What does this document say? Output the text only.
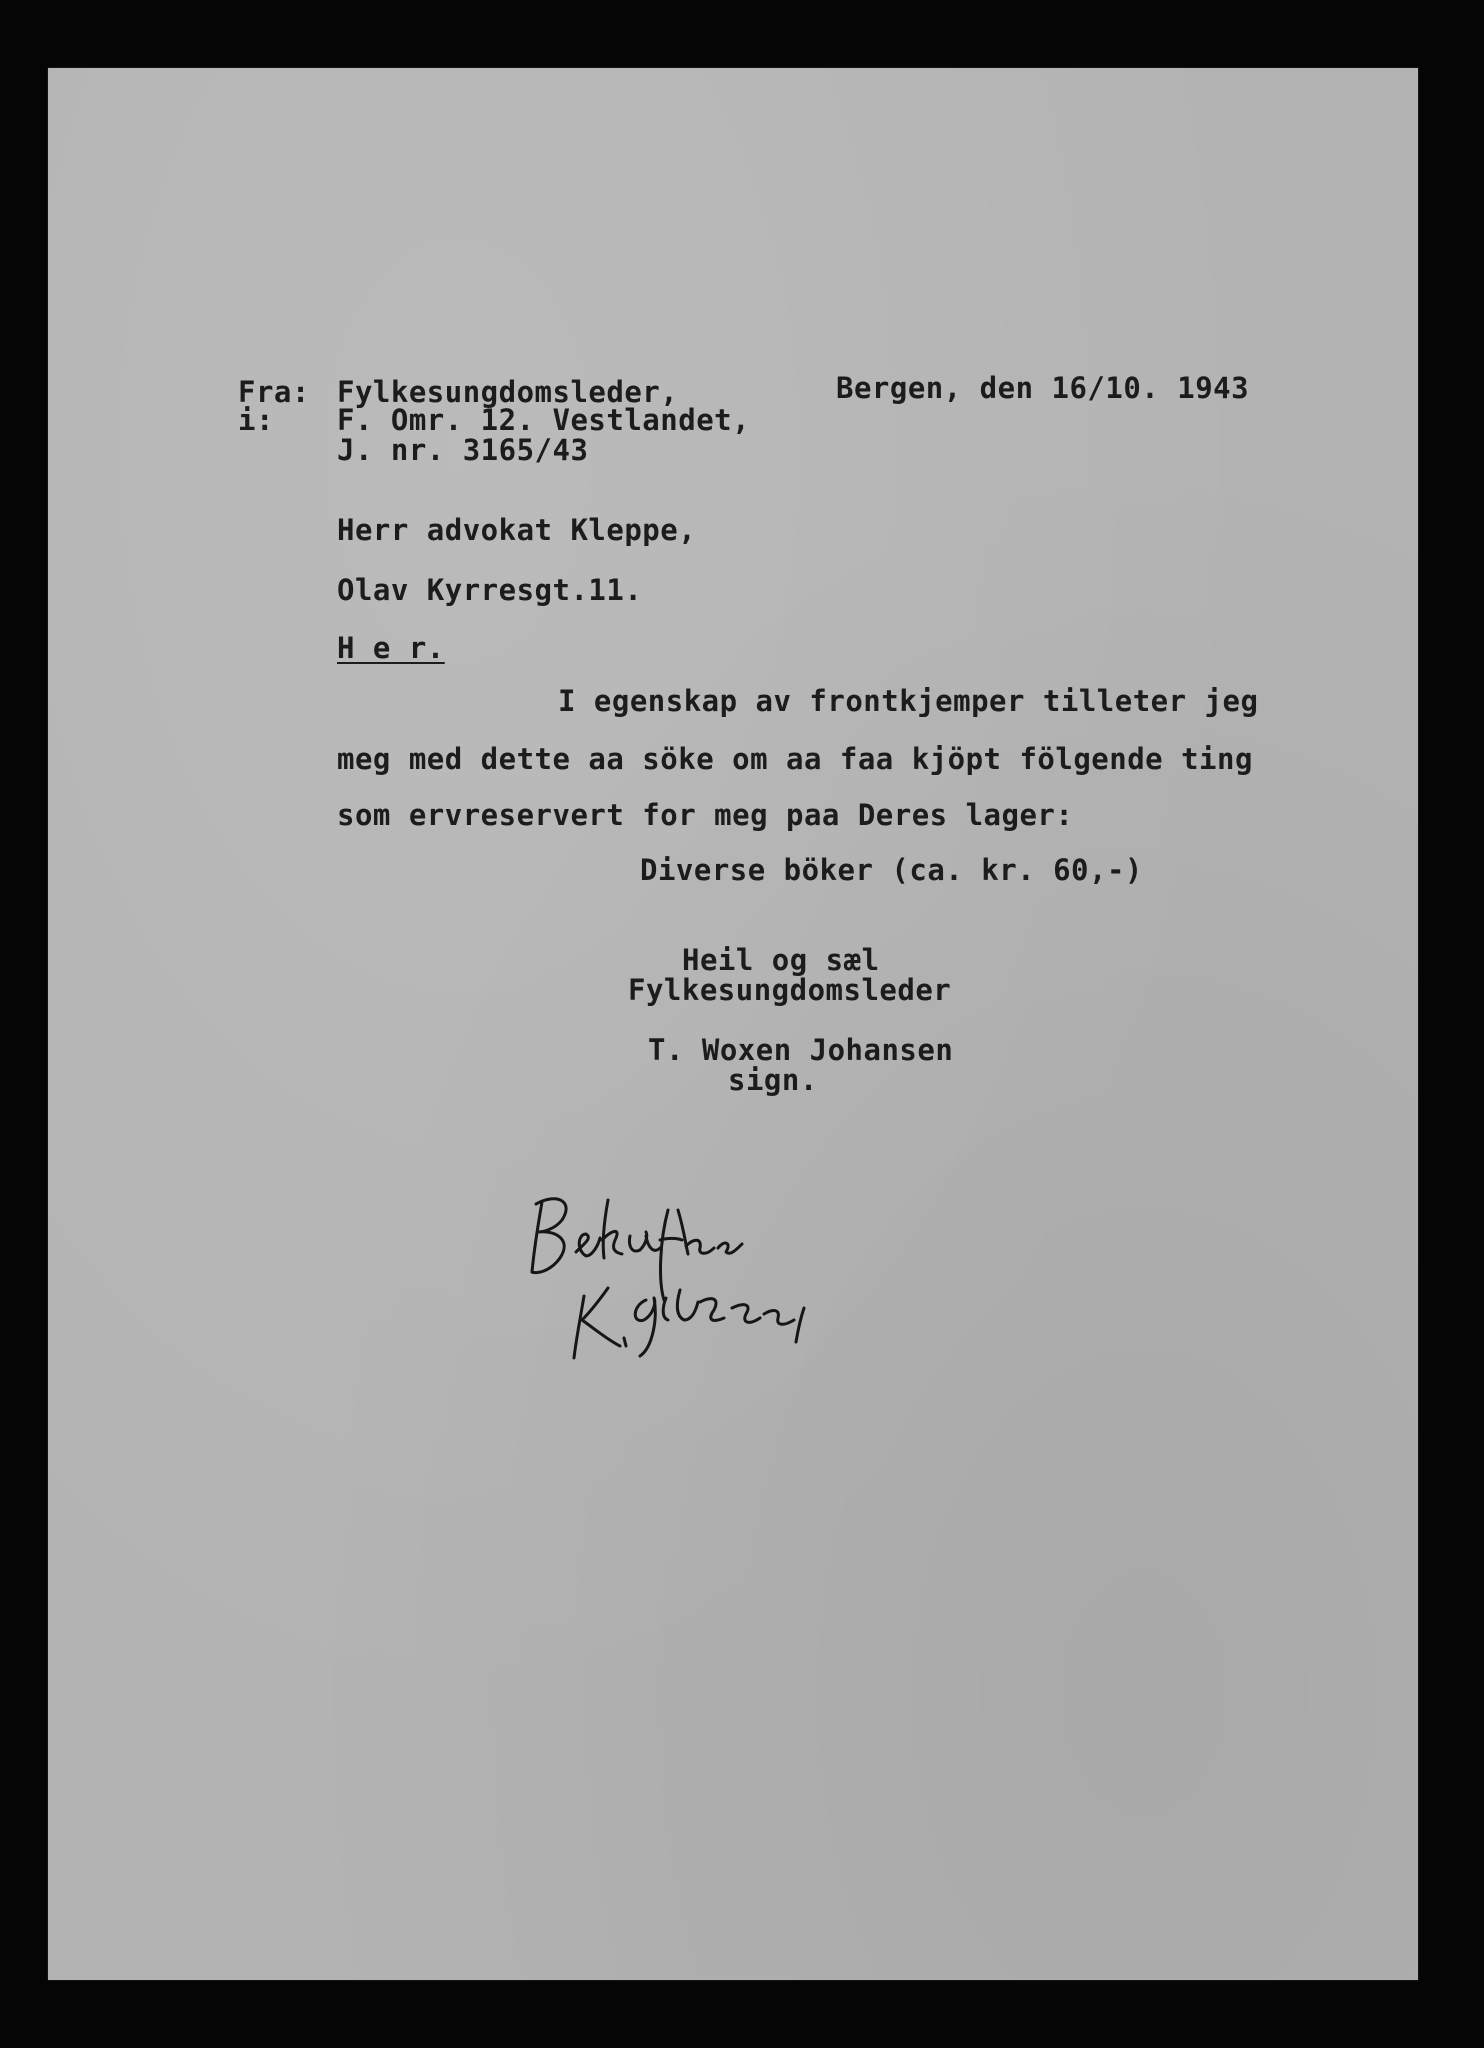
Fra:
i:
Fylkesungdomsleder,
F. Omr. 12. Vestlandet,
J. nr. 3165/43
Bergen, den 16/10. 1943
Herr advokat Kleppe,
Olav Kyrresgt.11.
H e r.
I egenskap av frontkjemper tilleter jeg
meg med dette aa söke om aa faa kjöpt fölgende ting
som ervreservert for meg paa Deres lager:
Diverse böker (ca. kr. 60,-)
Heil og sæl
Fylkesungdomsleder
T. Woxen Johansen
sign.
